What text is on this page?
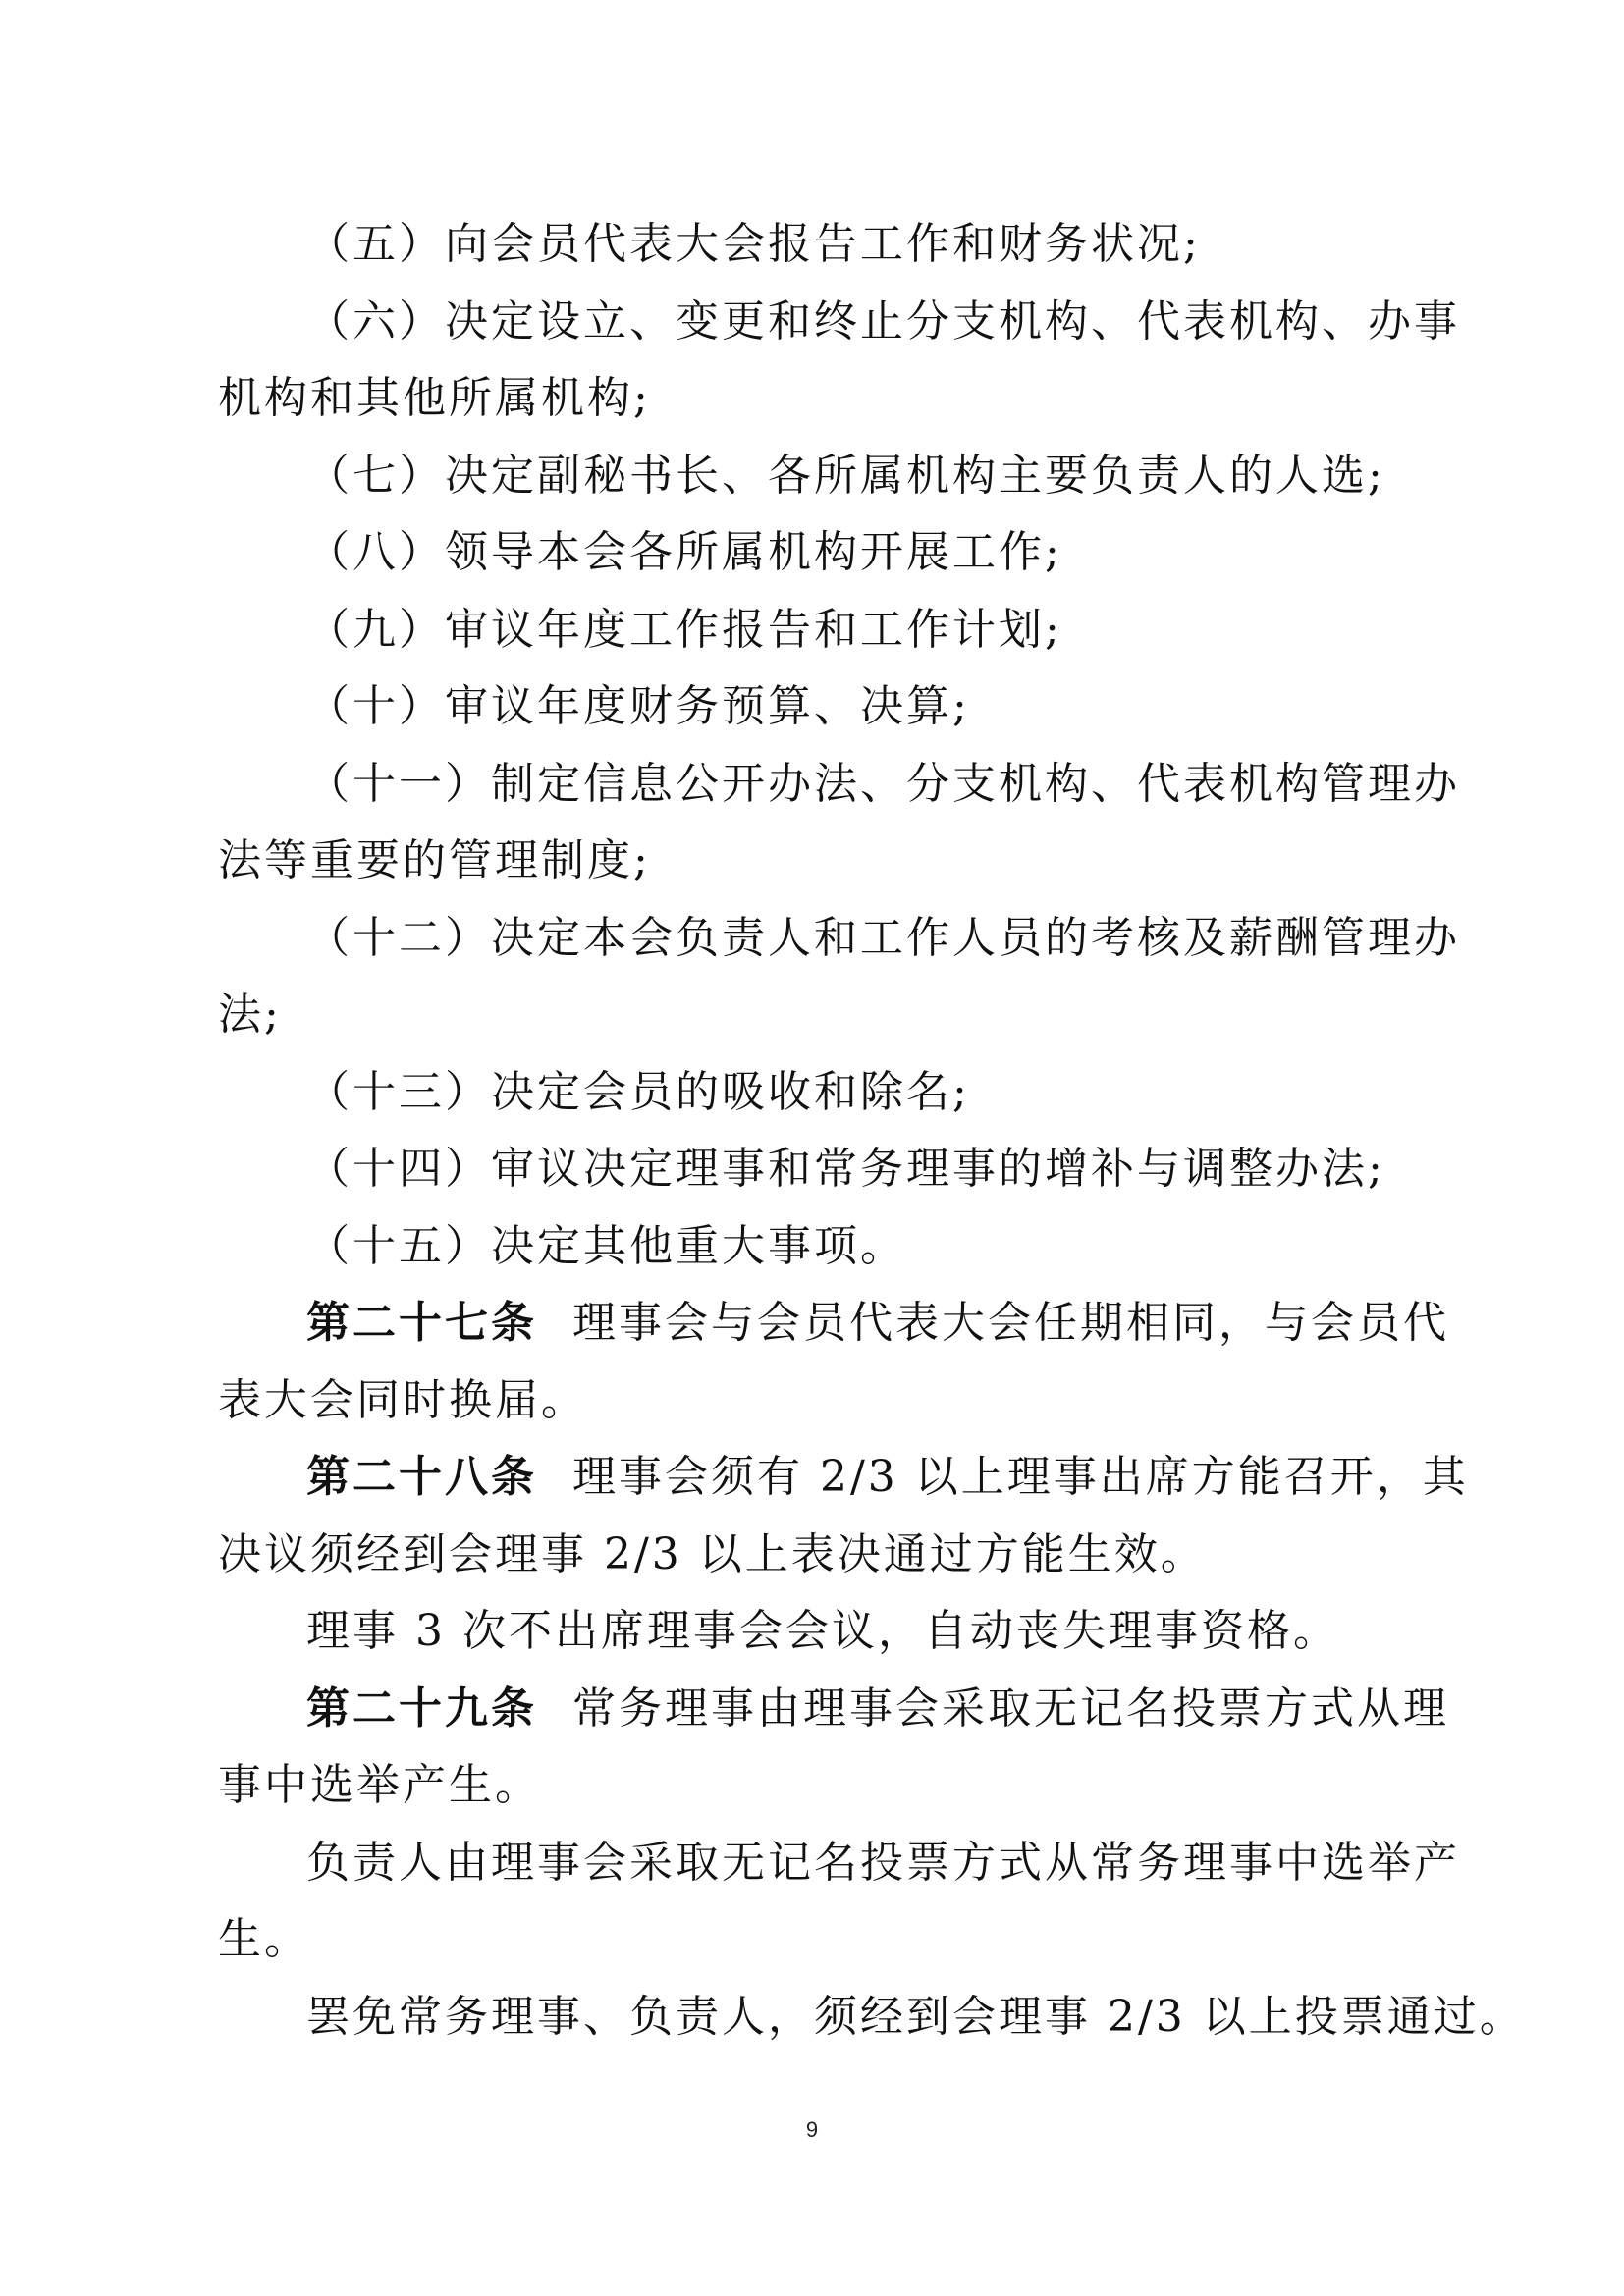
（五）向会员代表大会报告工作和财务状况;

（六）决定设立、变更和终止分支机构、代表机构、办事

机构和其他所属机构;

（七）决定副秘书长、各所属机构主要负责人的人选;

（八）领导本会各所属机构开展工作;

（九）审议年度工作报告和工作计划;

（十）审议年度财务预算、决算;

（十一）制定信息公开办法、分支机构、代表机构管理办

法等重要的管理制度;

（十二）决定本会负责人和工作人员的考核及薪酬管理办

法;

（十三）决定会员的吸收和除名;

（十四）审议决定理事和常务理事的增补与调整办法;

（十五）决定其他重大事项。

第二十七条 理事会与会员代表大会任期相同，与会员代

表大会同时换届。

第二十八条 理事会须有 2/3 以上理事出席方能召开，其

决议须经到会理事 2/3 以上表决通过方能生效。

理事 3 次不出席理事会会议，自动丧失理事资格。

第二十九条 常务理事由理事会采取无记名投票方式从理

事中选举产生。

负责人由理事会采取无记名投票方式从常务理事中选举产

生。

罢免常务理事、负责人，须经到会理事 2/3 以上投票通过。

9
